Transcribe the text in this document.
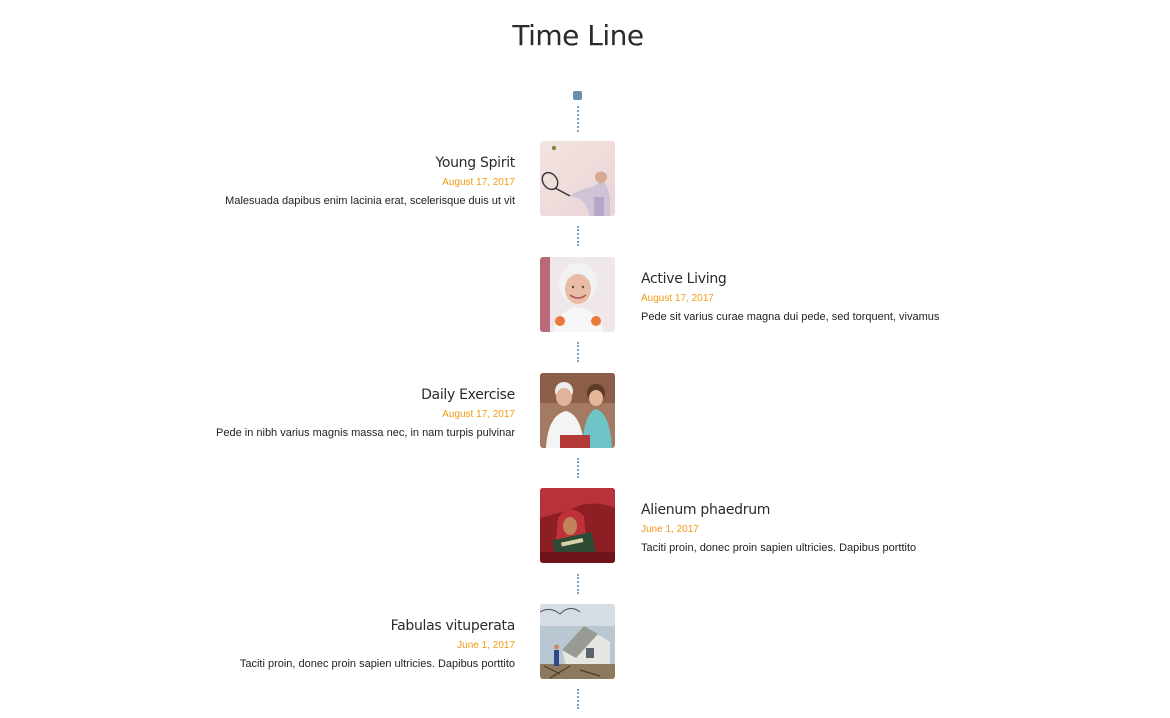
Time Line
Young Spirit
August 17, 2017
Malesuada dapibus enim lacinia erat, scelerisque duis ut vit
Active Living
August 17, 2017
Pede sit varius curae magna dui pede, sed torquent, vivamus
Daily Exercise
August 17, 2017
Pede in nibh varius magnis massa nec, in nam turpis pulvinar
Alienum phaedrum
June 1, 2017
Taciti proin, donec proin sapien ultricies. Dapibus porttito
Fabulas vituperata
June 1, 2017
Taciti proin, donec proin sapien ultricies. Dapibus porttito
